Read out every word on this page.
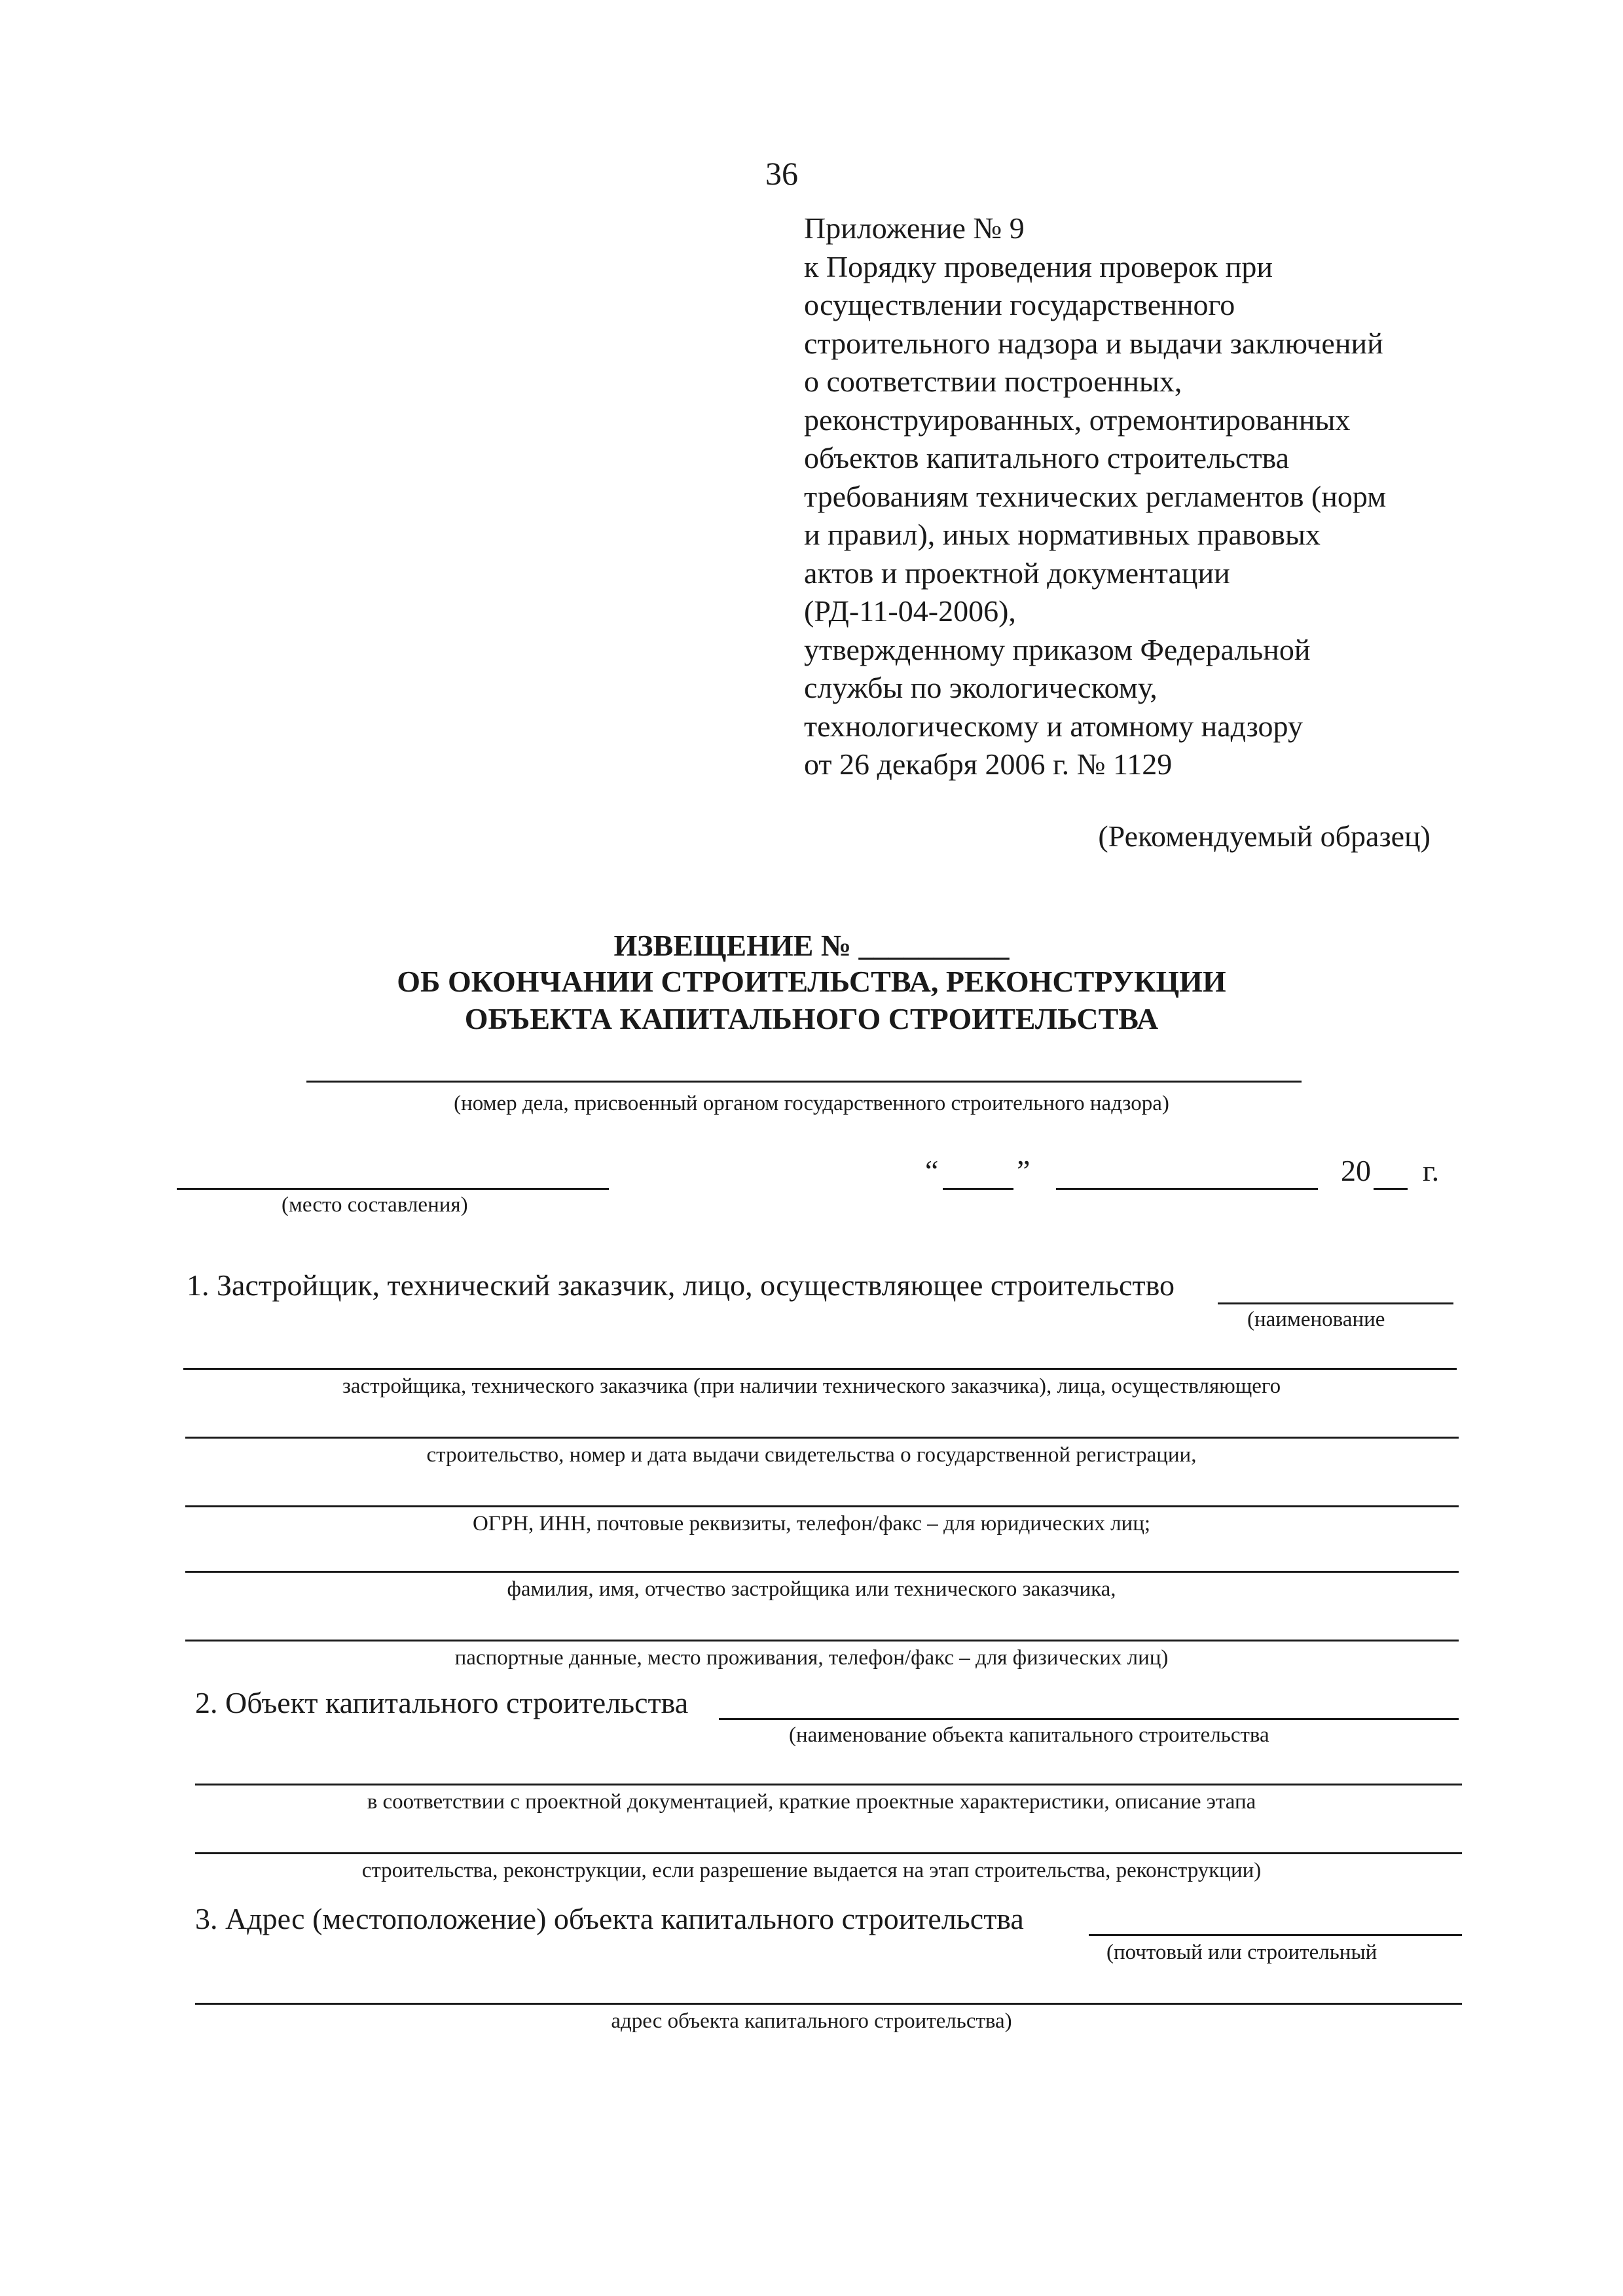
36
Приложение № 9
к Порядку проведения проверок при
осуществлении государственного
строительного надзора и выдачи заключений
о соответствии построенных,
реконструированных, отремонтированных
объектов капитального строительства
требованиям технических регламентов (норм
и правил), иных нормативных правовых
актов и проектной документации
(РД-11-04-2006),
утвержденному приказом Федеральной
службы по экологическому,
технологическому и атомному надзору
от 26 декабря 2006 г. № 1129
(Рекомендуемый образец)
ИЗВЕЩЕНИЕ № __________
ОБ ОКОНЧАНИИ СТРОИТЕЛЬСТВА, РЕКОНСТРУКЦИИ
ОБЪЕКТА КАПИТАЛЬНОГО СТРОИТЕЛЬСТВА
(номер дела, присвоенный органом государственного строительного надзора)
(место составления)
“	”	20 г.
1. Застройщик, технический заказчик, лицо, осуществляющее строительство
(наименование
застройщика, технического заказчика (при наличии технического заказчика), лица, осуществляющего
строительство, номер и дата выдачи свидетельства о государственной регистрации,
ОГРН, ИНН, почтовые реквизиты, телефон/факс – для юридических лиц;
фамилия, имя, отчество застройщика или технического заказчика,
паспортные данные, место проживания, телефон/факс – для физических лиц)
2. Объект капитального строительства
(наименование объекта капитального строительства
в соответствии с проектной документацией, краткие проектные характеристики, описание этапа
строительства, реконструкции, если разрешение выдается на этап строительства, реконструкции)
3. Адрес (местоположение) объекта капитального строительства
(почтовый или строительный
адрес объекта капитального строительства)
